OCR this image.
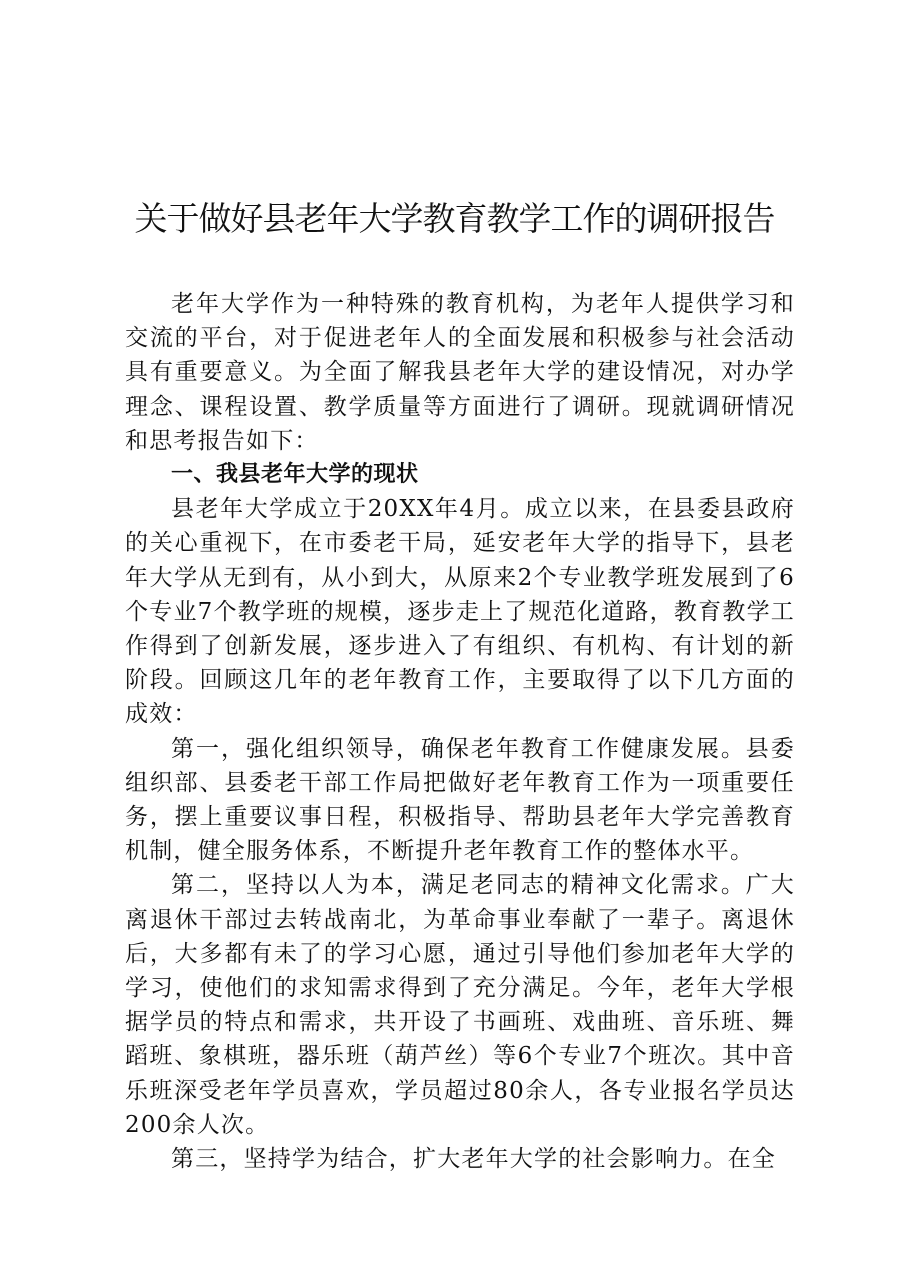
关于做好县老年大学教育教学工作的调研报告

老年大学作为一种特殊的教育机构，为老年人提供学习和交流的平台，对于促进老年人的全面发展和积极参与社会活动具有重要意义。为全面了解我县老年大学的建设情况，对办学理念、课程设置、教学质量等方面进行了调研。现就调研情况和思考报告如下：

一、我县老年大学的现状

县老年大学成立于20XX年4月。成立以来，在县委县政府的关心重视下，在市委老干局，延安老年大学的指导下，县老年大学从无到有，从小到大，从原来2个专业教学班发展到了6个专业7个教学班的规模，逐步走上了规范化道路，教育教学工作得到了创新发展，逐步进入了有组织、有机构、有计划的新阶段。回顾这几年的老年教育工作，主要取得了以下几方面的成效：

第一，强化组织领导，确保老年教育工作健康发展。县委组织部、县委老干部工作局把做好老年教育工作为一项重要任务，摆上重要议事日程，积极指导、帮助县老年大学完善教育机制，健全服务体系，不断提升老年教育工作的整体水平。

第二，坚持以人为本，满足老同志的精神文化需求。广大离退休干部过去转战南北，为革命事业奉献了一辈子。离退休后，大多都有未了的学习心愿，通过引导他们参加老年大学的学习，使他们的求知需求得到了充分满足。今年，老年大学根据学员的特点和需求，共开设了书画班、戏曲班、音乐班、舞蹈班、象棋班，器乐班（葫芦丝）等6个专业7个班次。其中音乐班深受老年学员喜欢，学员超过80余人，各专业报名学员达200余人次。

第三，坚持学为结合，扩大老年大学的社会影响力。在全
